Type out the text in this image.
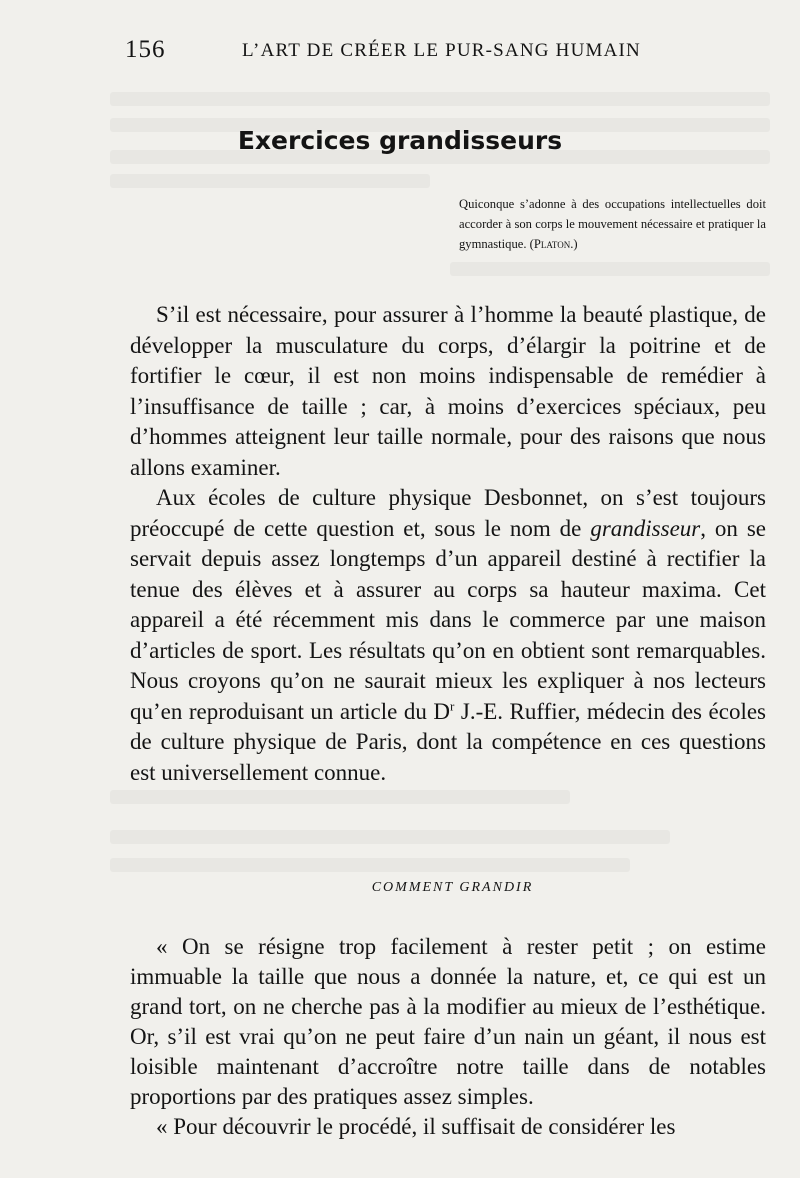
156	L’ART DE CRÉER LE PUR-SANG HUMAIN
Exercices grandisseurs
Quiconque s’adonne à des occupations intellectuelles doit accorder à son corps le mouvement nécessaire et pratiquer la gymnastique. (Platon.)

S’il est nécessaire, pour assurer à l’homme la beauté plastique, de développer la musculature du corps, d’élargir la poitrine et de fortifier le cœur, il est non moins indispensable de remédier à l’insuffisance de taille ; car, à moins d’exercices spéciaux, peu d’hommes atteignent leur taille normale, pour des raisons que nous allons examiner.

Aux écoles de culture physique Desbonnet, on s’est toujours préoccupé de cette question et, sous le nom de grandisseur, on se servait depuis assez longtemps d’un appareil destiné à rectifier la tenue des élèves et à assurer au corps sa hauteur maxima. Cet appareil a été récemment mis dans le commerce par une maison d’articles de sport. Les résultats qu’on en obtient sont remarquables. Nous croyons qu’on ne saurait mieux les expliquer à nos lecteurs qu’en reproduisant un article du $D^r$ J.-E. Ruffier, médecin des écoles de culture physique de Paris, dont la compétence en ces questions est universellement connue.

COMMENT GRANDIR

« On se résigne trop facilement à rester petit ; on estime immuable la taille que nous a donnée la nature, et, ce qui est un grand tort, on ne cherche pas à la modifier au mieux de l’esthétique. Or, s’il est vrai qu’on ne peut faire d’un nain un géant, il nous est loisible maintenant d’accroître notre taille dans de notables proportions par des pratiques assez simples.

« Pour découvrir le procédé, il suffisait de considérer les
